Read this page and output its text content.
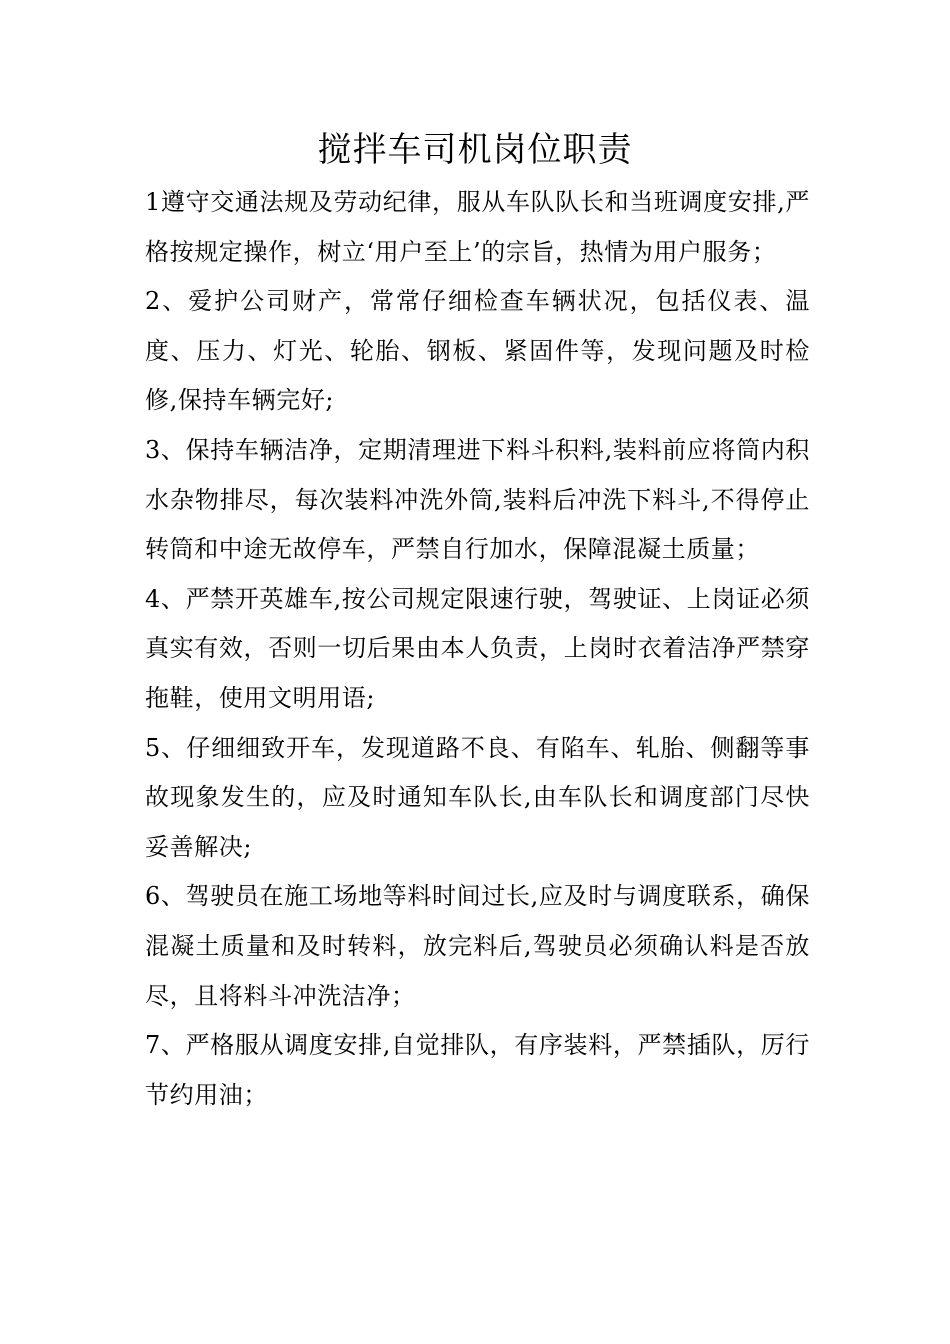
搅拌车司机岗位职责

1遵守交通法规及劳动纪律，服从车队队长和当班调度安排,严格按规定操作，树立‘用户至上’的宗旨，热情为用户服务；

2、爱护公司财产，常常仔细检查车辆状况，包括仪表、温度、压力、灯光、轮胎、钢板、紧固件等，发现问题及时检修,保持车辆完好;

3、保持车辆洁净，定期清理进下料斗积料,装料前应将筒内积水杂物排尽，每次装料冲洗外筒,装料后冲洗下料斗,不得停止转筒和中途无故停车，严禁自行加水，保障混凝土质量；

4、严禁开英雄车,按公司规定限速行驶，驾驶证、上岗证必须真实有效，否则一切后果由本人负责，上岗时衣着洁净严禁穿拖鞋，使用文明用语;

5、仔细细致开车，发现道路不良、有陷车、轧胎、侧翻等事故现象发生的，应及时通知车队长,由车队长和调度部门尽快妥善解决;

6、驾驶员在施工场地等料时间过长,应及时与调度联系，确保混凝土质量和及时转料，放完料后,驾驶员必须确认料是否放尽，且将料斗冲洗洁净；

7、严格服从调度安排,自觉排队，有序装料，严禁插队，厉行节约用油；
